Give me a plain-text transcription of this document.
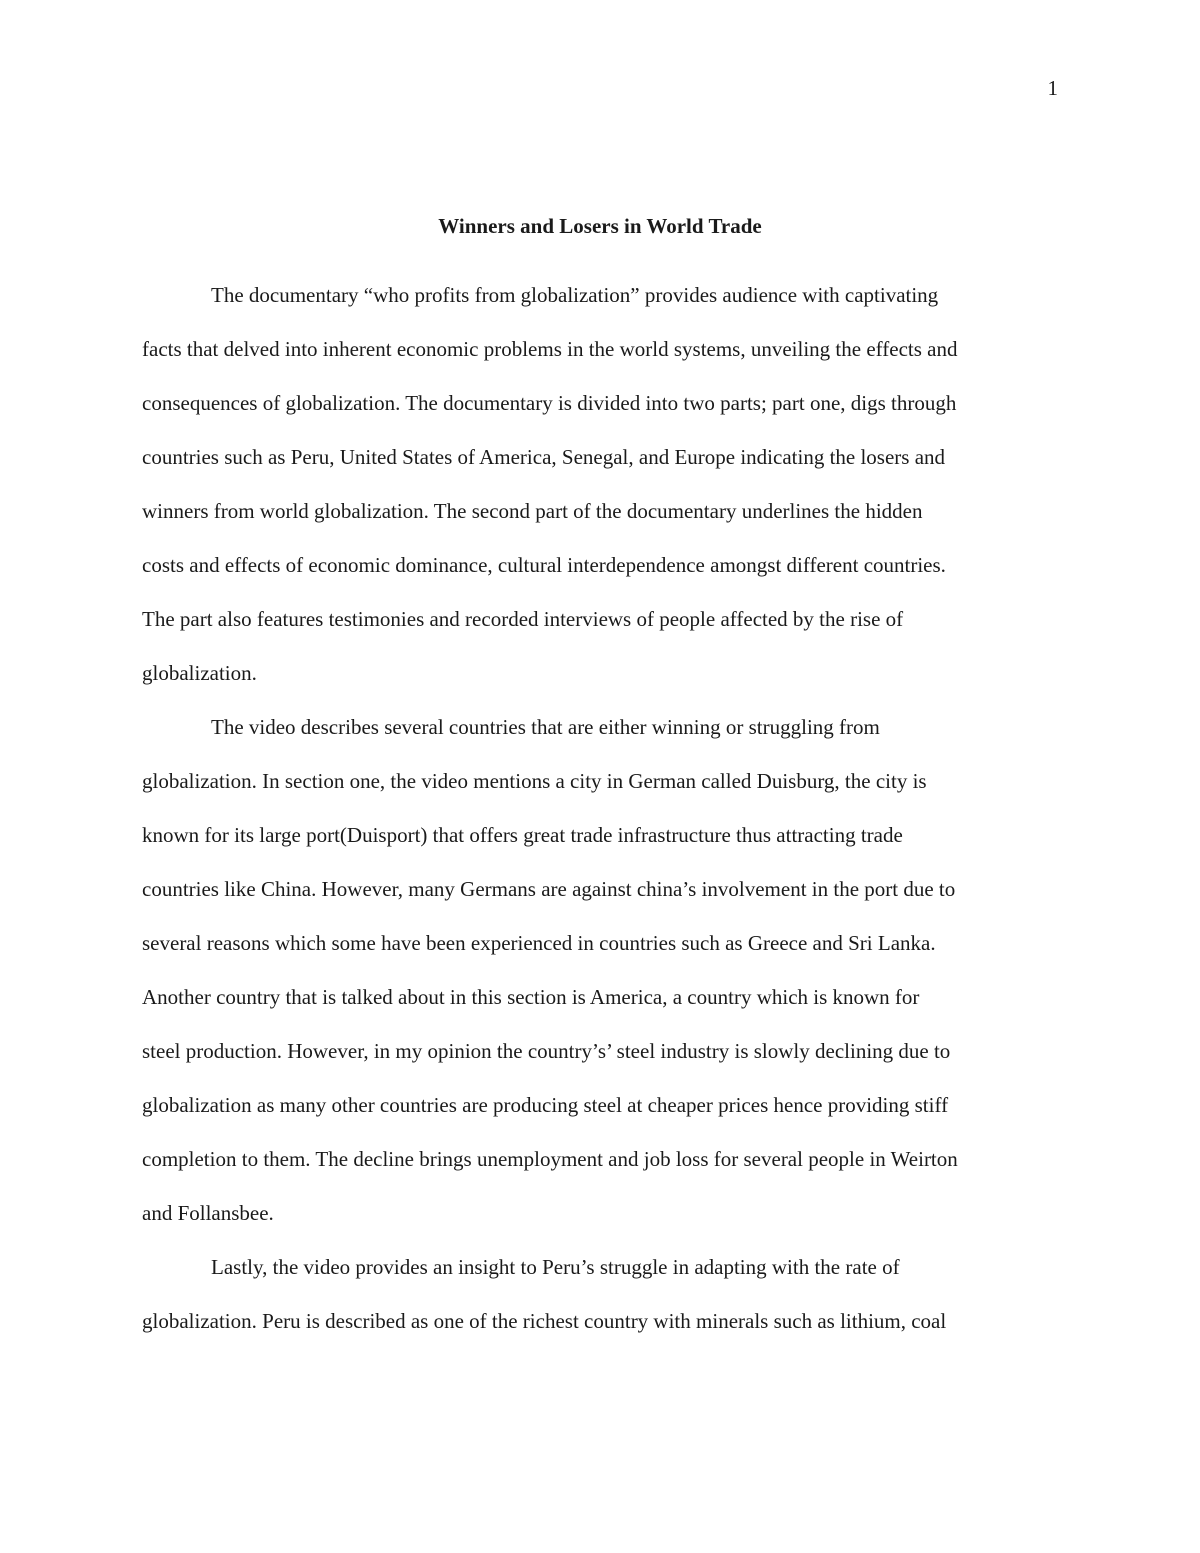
1
Winners and Losers in World Trade
The documentary “who profits from globalization” provides audience with captivating
facts that delved into inherent economic problems in the world systems, unveiling the effects and
consequences of globalization. The documentary is divided into two parts; part one, digs through
countries such as Peru, United States of America, Senegal, and Europe indicating the losers and
winners from world globalization. The second part of the documentary underlines the hidden
costs and effects of economic dominance, cultural interdependence amongst different countries.
The part also features testimonies and recorded interviews of people affected by the rise of
globalization.
The video describes several countries that are either winning or struggling from
globalization. In section one, the video mentions a city in German called Duisburg, the city is
known for its large port(Duisport) that offers great trade infrastructure thus attracting trade
countries like China. However, many Germans are against china’s involvement in the port due to
several reasons which some have been experienced in countries such as Greece and Sri Lanka.
Another country that is talked about in this section is America, a country which is known for
steel production. However, in my opinion the country’s’ steel industry is slowly declining due to
globalization as many other countries are producing steel at cheaper prices hence providing stiff
completion to them. The decline brings unemployment and job loss for several people in Weirton
and Follansbee.
Lastly, the video provides an insight to Peru’s struggle in adapting with the rate of
globalization. Peru is described as one of the richest country with minerals such as lithium, coal
